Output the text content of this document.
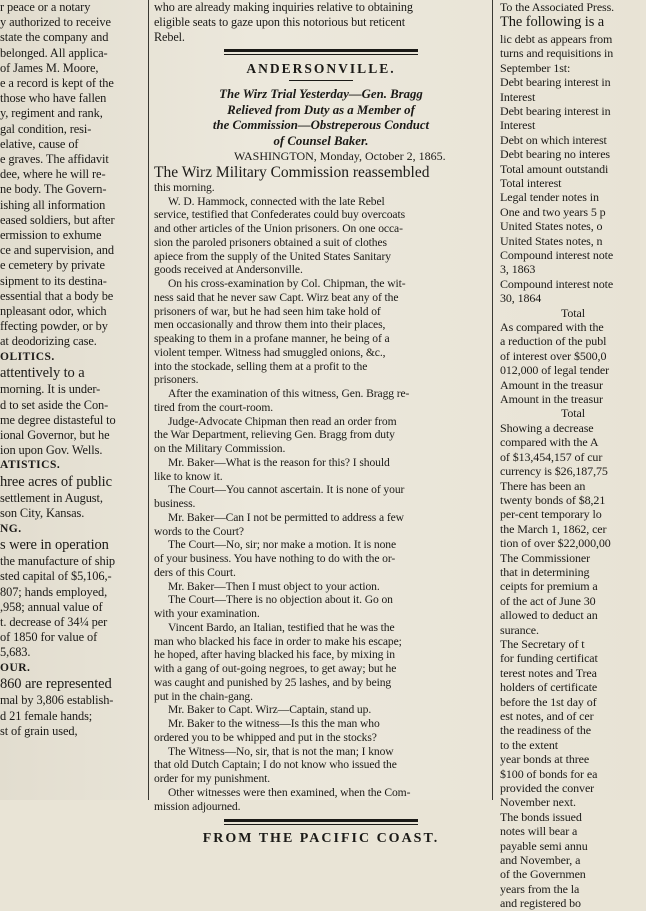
r peace or a notary
y authorized to receive
state the company and
belonged. All applica-
of James M. Moore,
e a record is kept of the
those who have fallen
y, regiment and rank,
gal condition, resi-
elative, cause of
e graves. The affidavit
dee, where he will re-
ne body. The Govern-
ishing all information
eased soldiers, but after
ermission to exhume
ce and supervision, and
e cemetery by private
sipment to its destina-
essential that a body be
npleasant odor, which
ffecting powder, or by
at deodorizing case.
OLITICS.
attentively to a
morning. It is under-
d to set aside the Con-
me degree distasteful to
ional Governor, but he
ion upon Gov. Wells.
ATISTICS.
hree acres of public
settlement in August,
son City, Kansas.
NG.
s were in operation
the manufacture of ship
sted capital of $5,106,-
807; hands employed,
,958; annual value of
t. decrease of 34¼ per
of 1850 for value of
5,683.
OUR.
860 are represented
mal by 3,806 establish-
d 21 female hands;
st of grain used,
who are already making inquiries relative to obtaining
eligible seats to gaze upon this notorious but reticent
Rebel.
ANDERSONVILLE.
The Wirz Trial Yesterday—Gen. Bragg
Relieved from Duty as a Member of
the Commission—Obstreperous Conduct
of Counsel Baker.
WASHINGTON, Monday, October 2, 1865.
The Wirz Military Commission reassembled
this morning.
W. D. Hammock, connected with the late Rebel
service, testified that Confederates could buy overcoats
and other articles of the Union prisoners. On one occa-
sion the paroled prisoners obtained a suit of clothes
apiece from the supply of the United States Sanitary
goods received at Andersonville.
On his cross-examination by Col. Chipman, the wit-
ness said that he never saw Capt. Wirz beat any of the
prisoners of war, but he had seen him take hold of
men occasionally and throw them into their places,
speaking to them in a profane manner, he being of a
violent temper. Witness had smuggled onions, &c.,
into the stockade, selling them at a profit to the
prisoners.
After the examination of this witness, Gen. Bragg re-
tired from the court-room.
Judge-Advocate Chipman then read an order from
the War Department, relieving Gen. Bragg from duty
on the Military Commission.
Mr. Baker—What is the reason for this? I should
like to know it.
The Court—You cannot ascertain. It is none of your
business.
Mr. Baker—Can I not be permitted to address a few
words to the Court?
The Court—No, sir; nor make a motion. It is none
of your business. You have nothing to do with the or-
ders of this Court.
Mr. Baker—Then I must object to your action.
The Court—There is no objection about it. Go on
with your examination.
Vincent Bardo, an Italian, testified that he was the
man who blacked his face in order to make his escape;
he hoped, after having blacked his face, by mixing in
with a gang of out-going negroes, to get away; but he
was caught and punished by 25 lashes, and by being
put in the chain-gang.
Mr. Baker to Capt. Wirz—Captain, stand up.
Mr. Baker to the witness—Is this the man who
ordered you to be whipped and put in the stocks?
The Witness—No, sir, that is not the man; I know
that old Dutch Captain; I do not know who issued the
order for my punishment.
Other witnesses were then examined, when the Com-
mission adjourned.
FROM THE PACIFIC COAST.
To the Associated Press.
The following is a
lic debt as appears from
turns and requisitions in
September 1st:
Debt bearing interest in
Interest
Debt bearing interest in
Interest
Debt on which interest
Debt bearing no interes
Total amount outstandi
Total interest
Legal tender notes in
One and two years 5 p
United States notes, o
United States notes, n
Compound interest note
3, 1863
Compound interest note
30, 1864
Total
As compared with the
a reduction of the publ
of interest over $500,0
012,000 of legal tender
Amount in the treasur
Amount in the treasur
Total
Showing a decrease
compared with the A
of $13,454,157 of cur
currency is $26,187,75
There has been an
twenty bonds of $8,21
per-cent temporary lo
the March 1, 1862, cer
tion of over $22,000,00
The Commissioner
that in determining
ceipts for premium a
of the act of June 30
allowed to deduct an
surance.
The Secretary of t
for funding certificat
terest notes and Trea
holders of certificate
before the 1st day of
est notes, and of cer
the readiness of the
to the extent
year bonds at three
$100 of bonds for ea
provided the conver
November next.
The bonds issued
notes will bear a
payable semi annu
and November, a
of the Governmen
years from the la
and registered bo
